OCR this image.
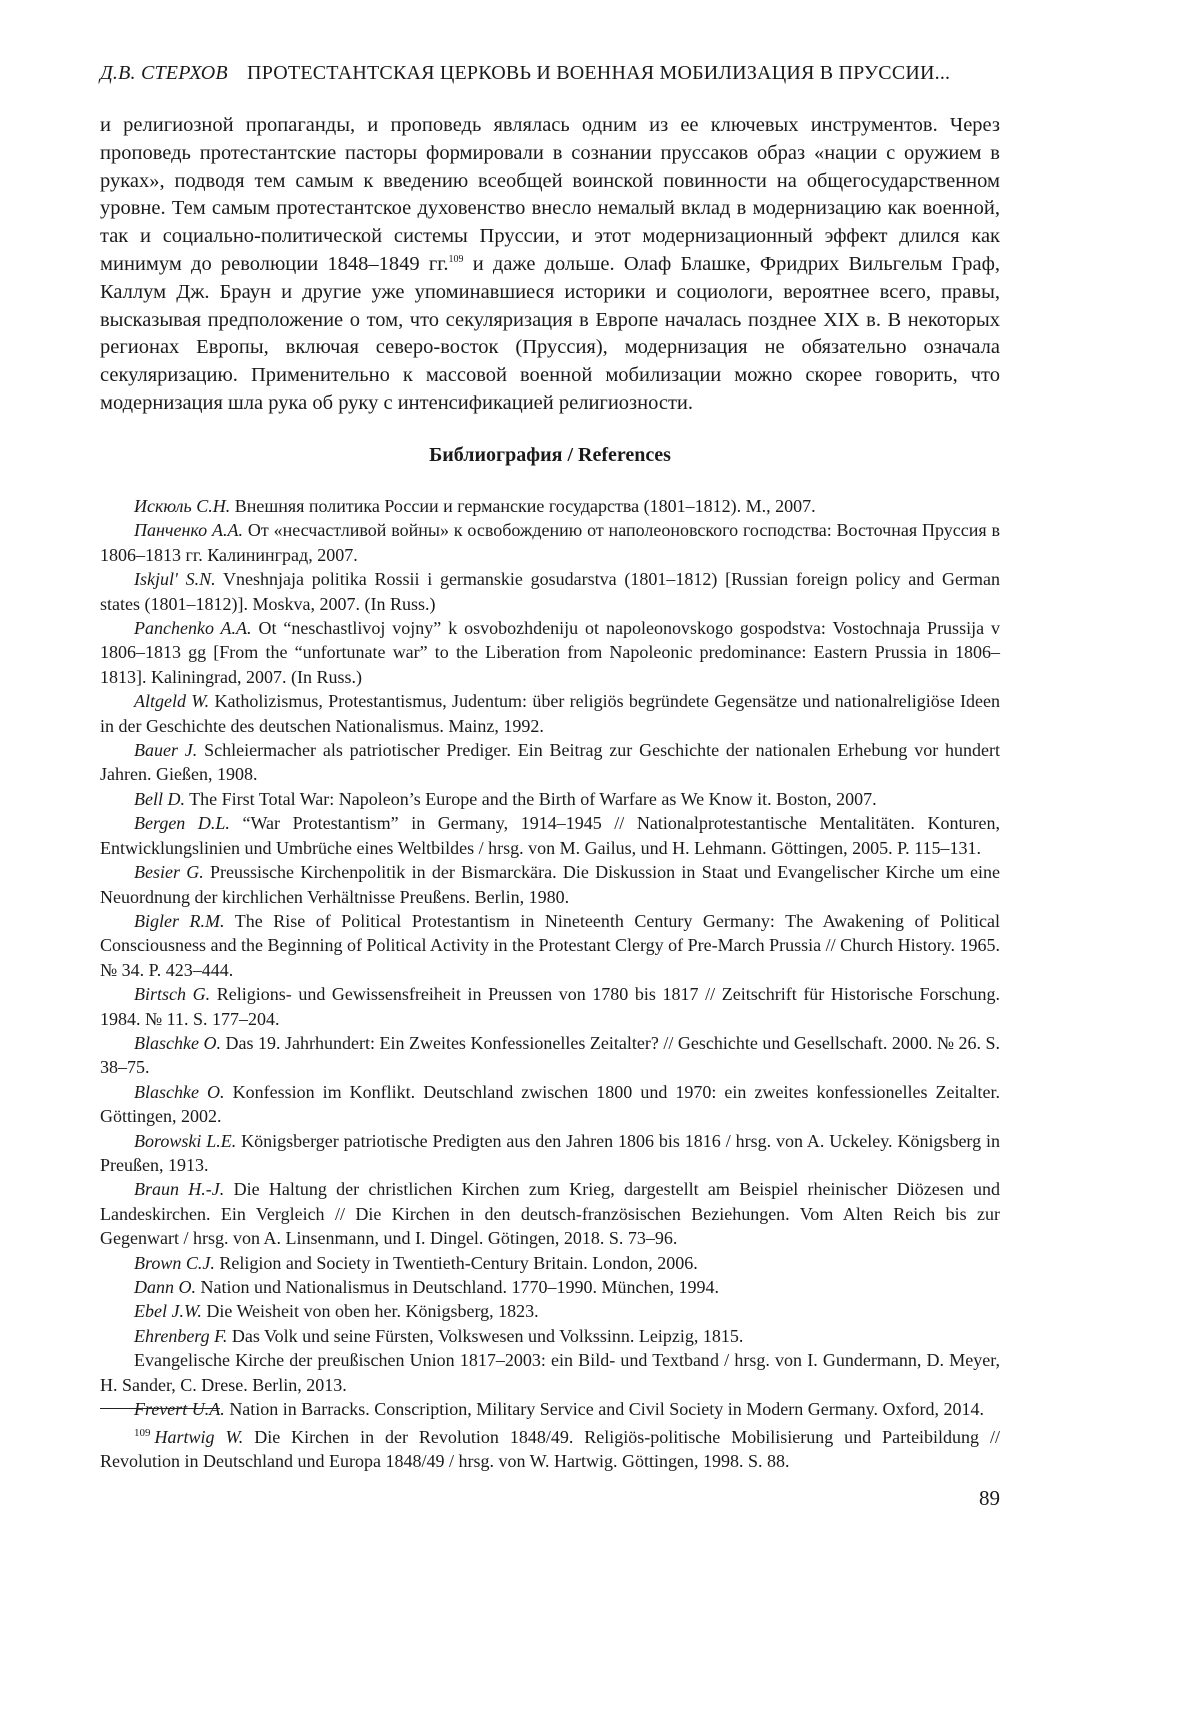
Д.В. СТЕРХОВ ПРОТЕСТАНТСКАЯ ЦЕРКОВЬ И ВОЕННАЯ МОБИЛИЗАЦИЯ В ПРУССИИ...

и религиозной пропаганды, и проповедь являлась одним из ее ключевых инструментов. Через проповедь протестантские пасторы формировали в сознании пруссаков образ «нации с оружием в руках», подводя тем самым к введению всеобщей воинской повинности на общегосударственном уровне. Тем самым протестантское духовенство внесло немалый вклад в модернизацию как военной, так и социально-политической системы Пруссии, и этот модернизационный эффект длился как минимум до революции 1848–1849 гг.109 и даже дольше. Олаф Блашке, Фридрих Вильгельм Граф, Каллум Дж. Браун и другие уже упоминавшиеся историки и социологи, вероятнее всего, правы, высказывая предположение о том, что секуляризация в Европе началась позднее XIX в. В некоторых регионах Европы, включая северо-восток (Пруссия), модернизация не обязательно означала секуляризацию. Применительно к массовой военной мобилизации можно скорее говорить, что модернизация шла рука об руку с интенсификацией религиозности.

Библиография / References

Искюль С.Н. Внешняя политика России и германские государства (1801–1812). М., 2007.

Панченко А.А. От «несчастливой войны» к освобождению от наполеоновского господства: Восточная Пруссия в 1806–1813 гг. Калининград, 2007.

Iskjul' S.N. Vneshnjaja politika Rossii i germanskie gosudarstva (1801–1812) [Russian foreign policy and German states (1801–1812)]. Moskva, 2007. (In Russ.)

Panchenko A.A. Ot “neschastlivoj vojny” k osvobozhdeniju ot napoleonovskogo gospodstva: Vostochnaja Prussija v 1806–1813 gg [From the “unfortunate war” to the Liberation from Napoleonic predominance: Eastern Prussia in 1806–1813]. Kaliningrad, 2007. (In Russ.)

Altgeld W. Katholizismus, Protestantismus, Judentum: über religiös begründete Gegensätze und nationalreligiöse Ideen in der Geschichte des deutschen Nationalismus. Mainz, 1992.

Bauer J. Schleiermacher als patriotischer Prediger. Ein Beitrag zur Geschichte der nationalen Erhebung vor hundert Jahren. Gießen, 1908.

Bell D. The First Total War: Napoleon’s Europe and the Birth of Warfare as We Know it. Boston, 2007.

Bergen D.L. “War Protestantism” in Germany, 1914–1945 // Nationalprotestantische Mentalitäten. Konturen, Entwicklungslinien und Umbrüche eines Weltbildes / hrsg. von M. Gailus, und H. Lehmann. Göttingen, 2005. P. 115–131.

Besier G. Preussische Kirchenpolitik in der Bismarckära. Die Diskussion in Staat und Evangelischer Kirche um eine Neuordnung der kirchlichen Verhältnisse Preußens. Berlin, 1980.

Bigler R.M. The Rise of Political Protestantism in Nineteenth Century Germany: The Awakening of Political Consciousness and the Beginning of Political Activity in the Protestant Clergy of Pre-March Prussia // Church History. 1965. № 34. P. 423–444.

Birtsch G. Religions- und Gewissensfreiheit in Preussen von 1780 bis 1817 // Zeitschrift für Historische Forschung. 1984. № 11. S. 177–204.

Blaschke O. Das 19. Jahrhundert: Ein Zweites Konfessionelles Zeitalter? // Geschichte und Gesellschaft. 2000. № 26. S. 38–75.

Blaschke O. Konfession im Konflikt. Deutschland zwischen 1800 und 1970: ein zweites konfessionelles Zeitalter. Göttingen, 2002.

Borowski L.E. Königsberger patriotische Predigten aus den Jahren 1806 bis 1816 / hrsg. von A. Uckeley. Königsberg in Preußen, 1913.

Braun H.-J. Die Haltung der christlichen Kirchen zum Krieg, dargestellt am Beispiel rheinischer Diözesen und Landeskirchen. Ein Vergleich // Die Kirchen in den deutsch-französischen Beziehungen. Vom Alten Reich bis zur Gegenwart / hrsg. von A. Linsenmann, und I. Dingel. Götingen, 2018. S. 73–96.

Brown C.J. Religion and Society in Twentieth-Century Britain. London, 2006.

Dann O. Nation und Nationalismus in Deutschland. 1770–1990. München, 1994.

Ebel J.W. Die Weisheit von oben her. Königsberg, 1823.

Ehrenberg F. Das Volk und seine Fürsten, Volkswesen und Volkssinn. Leipzig, 1815.

Evangelische Kirche der preußischen Union 1817–2003: ein Bild- und Textband / hrsg. von I. Gundermann, D. Meyer, H. Sander, C. Drese. Berlin, 2013.

Frevert U.A. Nation in Barracks. Conscription, Military Service and Civil Society in Modern Germany. Oxford, 2014.

109 Hartwig W. Die Kirchen in der Revolution 1848/49. Religiös-politische Mobilisierung und Parteibildung // Revolution in Deutschland und Europa 1848/49 / hrsg. von W. Hartwig. Göttingen, 1998. S. 88.

89
